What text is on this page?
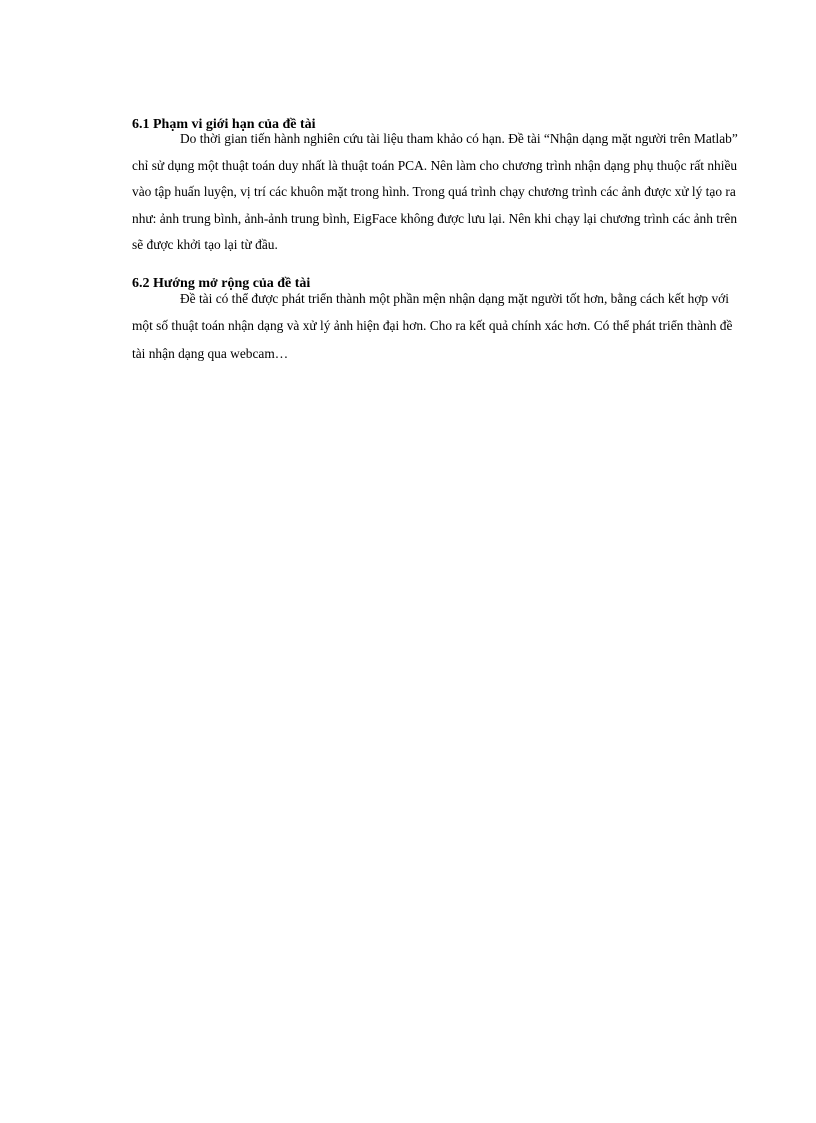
6.1 Phạm vi giới hạn của đề tài

Do thời gian tiến hành nghiên cứu tài liệu tham khảo có hạn. Đề tài “Nhận dạng mặt người trên Matlab” chỉ sử dụng một thuật toán duy nhất là thuật toán PCA. Nên làm cho chương trình nhận dạng phụ thuộc rất nhiều vào tập huấn luyện, vị trí các khuôn mặt trong hình. Trong quá trình chạy chương trình các ảnh được xử lý tạo ra như: ảnh trung bình, ảnh-ảnh trung bình, EigFace không được lưu lại. Nên khi chạy lại chương trình các ảnh trên sẽ được khởi tạo lại từ đầu.

6.2 Hướng mở rộng của đề tài

Đề tài có thể được phát triển thành một phần mện nhận dạng mặt người tốt hơn, bằng cách kết hợp với một số thuật toán nhận dạng và xử lý ảnh hiện đại hơn. Cho ra kết quả chính xác hơn. Có thể phát triển thành đề tài nhận dạng qua webcam…
